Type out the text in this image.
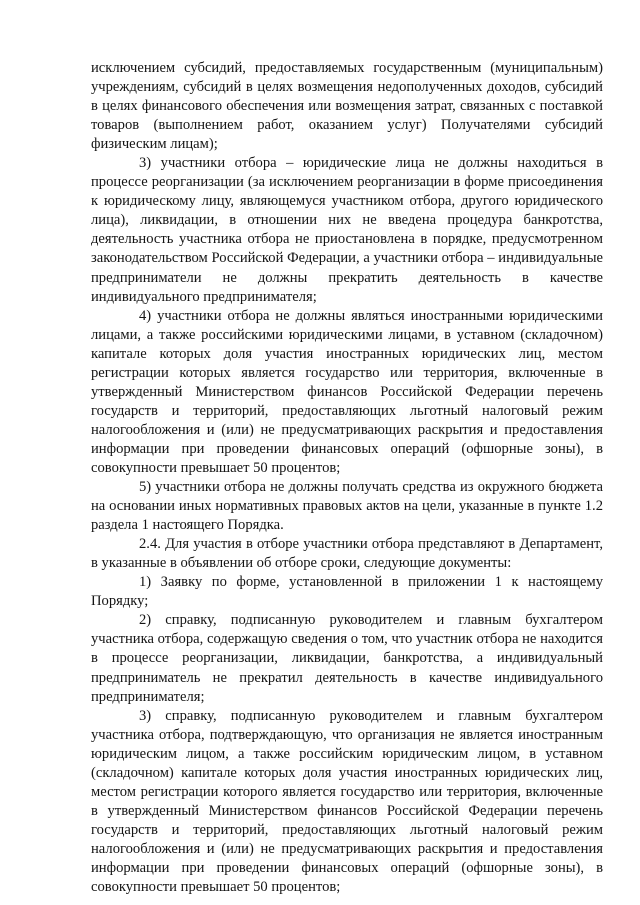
исключением субсидий, предоставляемых государственным (муниципальным) учреждениям, субсидий в целях возмещения недополученных доходов, субсидий в целях финансового обеспечения или возмещения затрат, связанных с поставкой товаров (выполнением работ, оказанием услуг) Получателями субсидий физическим лицам);

3) участники отбора – юридические лица не должны находиться в процессе реорганизации (за исключением реорганизации в форме присоединения к юридическому лицу, являющемуся участником отбора, другого юридического лица), ликвидации, в отношении них не введена процедура банкротства, деятельность участника отбора не приостановлена в порядке, предусмотренном законодательством Российской Федерации, а участники отбора – индивидуальные предприниматели не должны прекратить деятельность в качестве индивидуального предпринимателя;

4) участники отбора не должны являться иностранными юридическими лицами, а также российскими юридическими лицами, в уставном (складочном) капитале которых доля участия иностранных юридических лиц, местом регистрации которых является государство или территория, включенные в утвержденный Министерством финансов Российской Федерации перечень государств и территорий, предоставляющих льготный налоговый режим налогообложения и (или) не предусматривающих раскрытия и предоставления информации при проведении финансовых операций (офшорные зоны), в совокупности превышает 50 процентов;

5) участники отбора не должны получать средства из окружного бюджета на основании иных нормативных правовых актов на цели, указанные в пункте 1.2 раздела 1 настоящего Порядка.

2.4. Для участия в отборе участники отбора представляют в Департамент, в указанные в объявлении об отборе сроки, следующие документы:

1) Заявку по форме, установленной в приложении 1 к настоящему Порядку;

2) справку, подписанную руководителем и главным бухгалтером участника отбора, содержащую сведения о том, что участник отбора не находится в процессе реорганизации, ликвидации, банкротства, а индивидуальный предприниматель не прекратил деятельность в качестве индивидуального предпринимателя;

3) справку, подписанную руководителем и главным бухгалтером участника отбора, подтверждающую, что организация не является иностранным юридическим лицом, а также российским юридическим лицом, в уставном (складочном) капитале которых доля участия иностранных юридических лиц, местом регистрации которого является государство или территория, включенные в утвержденный Министерством финансов Российской Федерации перечень государств и территорий, предоставляющих льготный налоговый режим налогообложения и (или) не предусматривающих раскрытия и предоставления информации при проведении финансовых операций (офшорные зоны), в совокупности превышает 50 процентов;
